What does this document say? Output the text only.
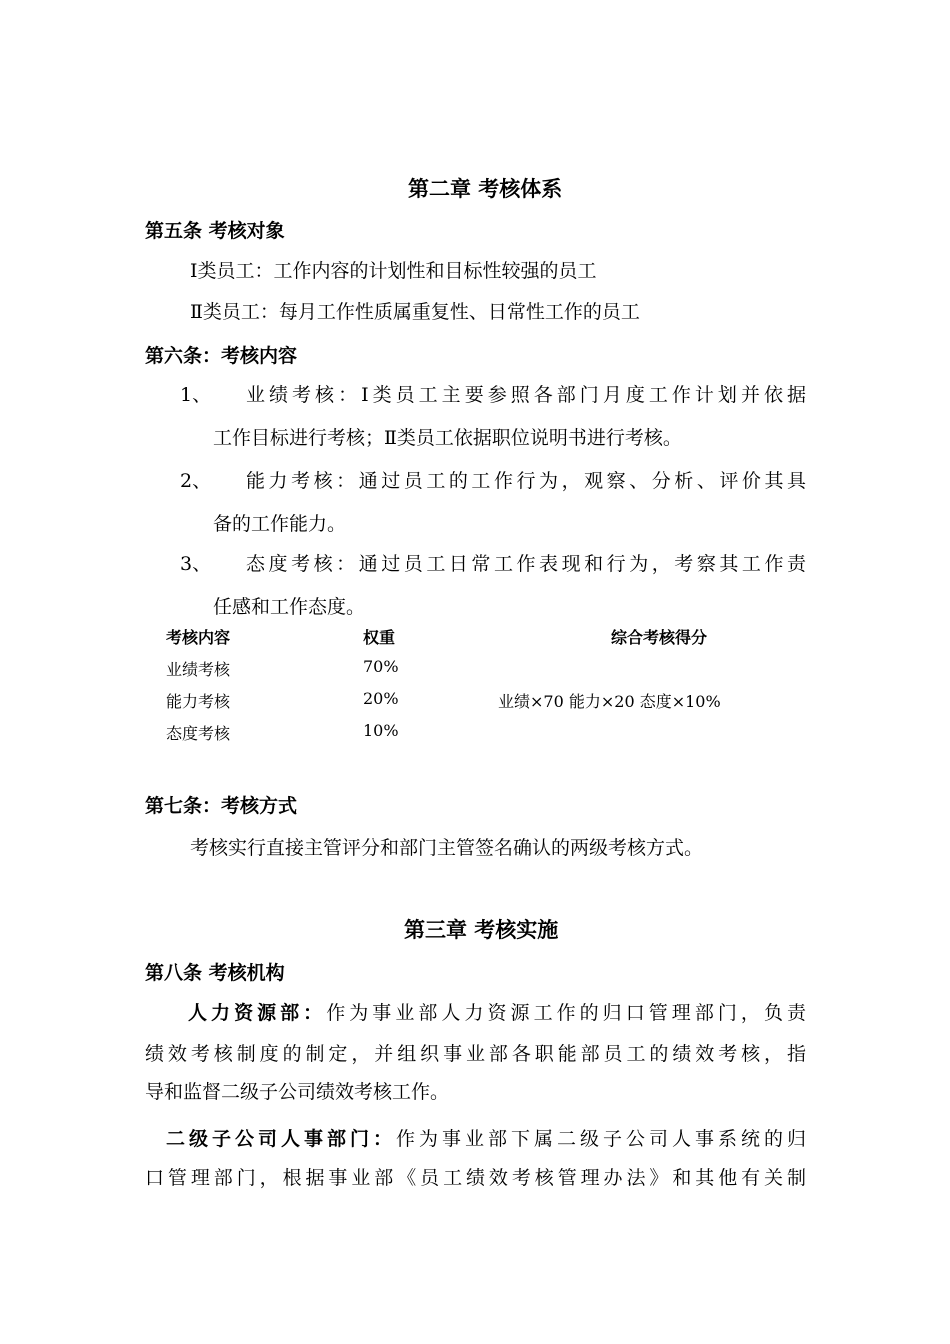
第二章 考核体系
第五条 考核对象
Ⅰ类员工：工作内容的计划性和目标性较强的员工
Ⅱ类员工：每月工作性质属重复性、日常性工作的员工
第六条：考核内容
1、 业绩考核：Ⅰ类员工主要参照各部门月度工作计划并依据
工作目标进行考核；Ⅱ类员工依据职位说明书进行考核。
2、 能力考核：通过员工的工作行为，观察、分析、评价其具
备的工作能力。
3、 态度考核：通过员工日常工作表现和行为，考察其工作责
任感和工作态度。
考核内容	权重	综合考核得分
业绩考核	70%
能力考核	20%	业绩×70 能力×20 态度×10%
态度考核	10%
第七条：考核方式
考核实行直接主管评分和部门主管签名确认的两级考核方式。
第三章 考核实施
第八条 考核机构
人力资源部：作为事业部人力资源工作的归口管理部门，负责
绩效考核制度的制定，并组织事业部各职能部员工的绩效考核，指
导和监督二级子公司绩效考核工作。
二级子公司人事部门：作为事业部下属二级子公司人事系统的归
口管理部门，根据事业部《员工绩效考核管理办法》和其他有关制
